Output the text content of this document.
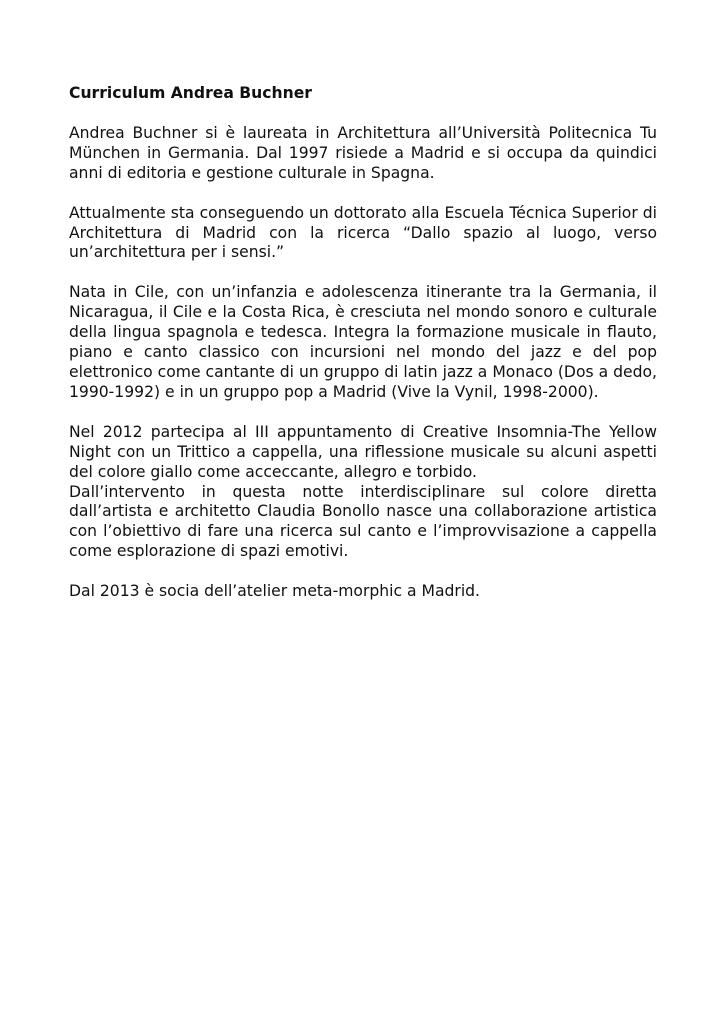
Curriculum Andrea Buchner

Andrea Buchner si è laureata in Architettura all’Università Politecnica Tu München in Germania. Dal 1997 risiede a Madrid e si occupa da quindici anni di editoria e gestione culturale in Spagna.

Attualmente sta conseguendo un dottorato alla Escuela Técnica Superior di Architettura di Madrid con la ricerca “Dallo spazio al luogo, verso un’architettura per i sensi.”

Nata in Cile, con un’infanzia e adolescenza itinerante tra la Germania, il Nicaragua, il Cile e la Costa Rica, è cresciuta nel mondo sonoro e culturale della lingua spagnola e tedesca. Integra la formazione musicale in flauto, piano e canto classico con incursioni nel mondo del jazz e del pop elettronico come cantante di un gruppo di latin jazz a Monaco (Dos a dedo, 1990-1992) e in un gruppo pop a Madrid (Vive la Vynil, 1998-2000).

Nel 2012 partecipa al III appuntamento di Creative Insomnia-The Yellow Night con un Trittico a cappella, una riflessione musicale su alcuni aspetti del colore giallo come acceccante, allegro e torbido.

Dall’intervento in questa notte interdisciplinare sul colore diretta dall’artista e architetto Claudia Bonollo nasce una collaborazione artistica con l’obiettivo di fare una ricerca sul canto e l’improvvisazione a cappella come esplorazione di spazi emotivi.

Dal 2013 è socia dell’atelier meta-morphic a Madrid.
